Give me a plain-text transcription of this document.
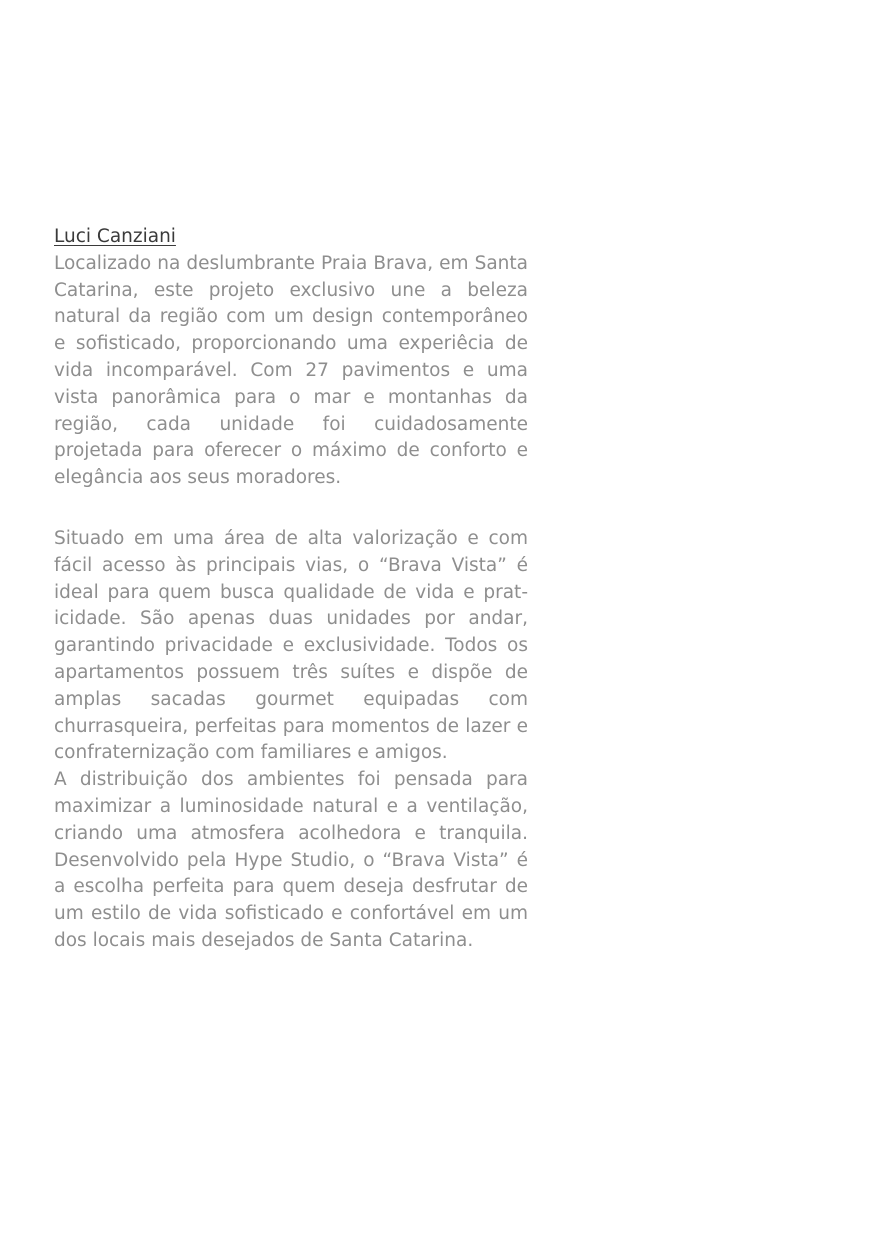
Luci Canziani

Localizado na deslumbrante Praia Brava, em Santa Catarina, este projeto exclusivo une a beleza natural da região com um design contemporâneo e sofisticado, proporcionando uma experiêcia de vida incomparável. Com 27 pavimentos e uma vista panorâmica para o mar e montanhas da região, cada unidade foi cuidadosamente projetada para oferecer o máximo de conforto e elegância aos seus moradores.

Situado em uma área de alta valorização e com fácil acesso às principais vias, o “Brava Vista” é ideal para quem busca qualidade de vida e praticidade. São apenas duas unidades por andar, garantindo privacidade e exclusividade. Todos os apartamentos possuem três suítes e dispõe de amplas sacadas gourmet equipadas com churrasqueira, perfeitas para momentos de lazer e confraternização com familiares e amigos.

A distribuição dos ambientes foi pensada para maximizar a luminosidade natural e a ventilação, criando uma atmosfera acolhedora e tranquila. Desenvolvido pela Hype Studio, o “Brava Vista” é a escolha perfeita para quem deseja desfrutar de um estilo de vida sofisticado e confortável em um dos locais mais desejados de Santa Catarina.
